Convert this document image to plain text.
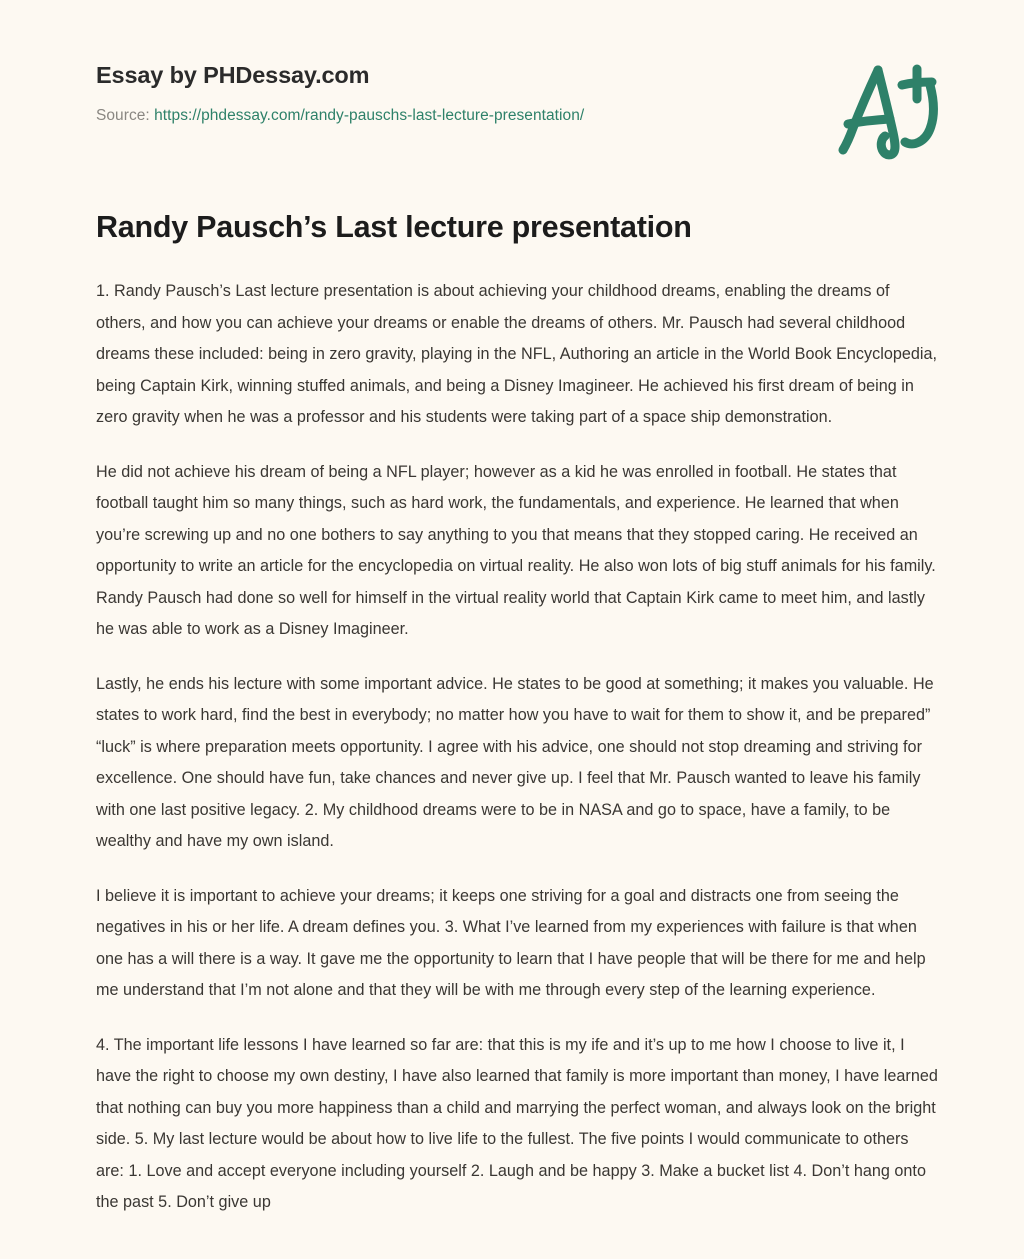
Essay by PHDessay.com
Source: https://phdessay.com/randy-pauschs-last-lecture-presentation/
Randy Pausch’s Last lecture presentation

1. Randy Pausch’s Last lecture presentation is about achieving your childhood dreams, enabling the dreams of others, and how you can achieve your dreams or enable the dreams of others. Mr. Pausch had several childhood dreams these included: being in zero gravity, playing in the NFL, Authoring an article in the World Book Encyclopedia, being Captain Kirk, winning stuffed animals, and being a Disney Imagineer. He achieved his first dream of being in zero gravity when he was a professor and his students were taking part of a space ship demonstration.

He did not achieve his dream of being a NFL player; however as a kid he was enrolled in football. He states that football taught him so many things, such as hard work, the fundamentals, and experience. He learned that when you’re screwing up and no one bothers to say anything to you that means that they stopped caring. He received an opportunity to write an article for the encyclopedia on virtual reality. He also won lots of big stuff animals for his family. Randy Pausch had done so well for himself in the virtual reality world that Captain Kirk came to meet him, and lastly he was able to work as a Disney Imagineer.

Lastly, he ends his lecture with some important advice. He states to be good at something; it makes you valuable. He states to work hard, find the best in everybody; no matter how you have to wait for them to show it, and be prepared” “luck” is where preparation meets opportunity. I agree with his advice, one should not stop dreaming and striving for excellence. One should have fun, take chances and never give up. I feel that Mr. Pausch wanted to leave his family with one last positive legacy. 2. My childhood dreams were to be in NASA and go to space, have a family, to be wealthy and have my own island.

I believe it is important to achieve your dreams; it keeps one striving for a goal and distracts one from seeing the negatives in his or her life. A dream defines you. 3. What I’ve learned from my experiences with failure is that when one has a will there is a way. It gave me the opportunity to learn that I have people that will be there for me and help me understand that I’m not alone and that they will be with me through every step of the learning experience.

4. The important life lessons I have learned so far are: that this is my ife and it’s up to me how I choose to live it, I have the right to choose my own destiny, I have also learned that family is more important than money, I have learned that nothing can buy you more happiness than a child and marrying the perfect woman, and always look on the bright side. 5. My last lecture would be about how to live life to the fullest. The five points I would communicate to others are: 1. Love and accept everyone including yourself 2. Laugh and be happy 3. Make a bucket list 4. Don’t hang onto the past 5. Don’t give up
